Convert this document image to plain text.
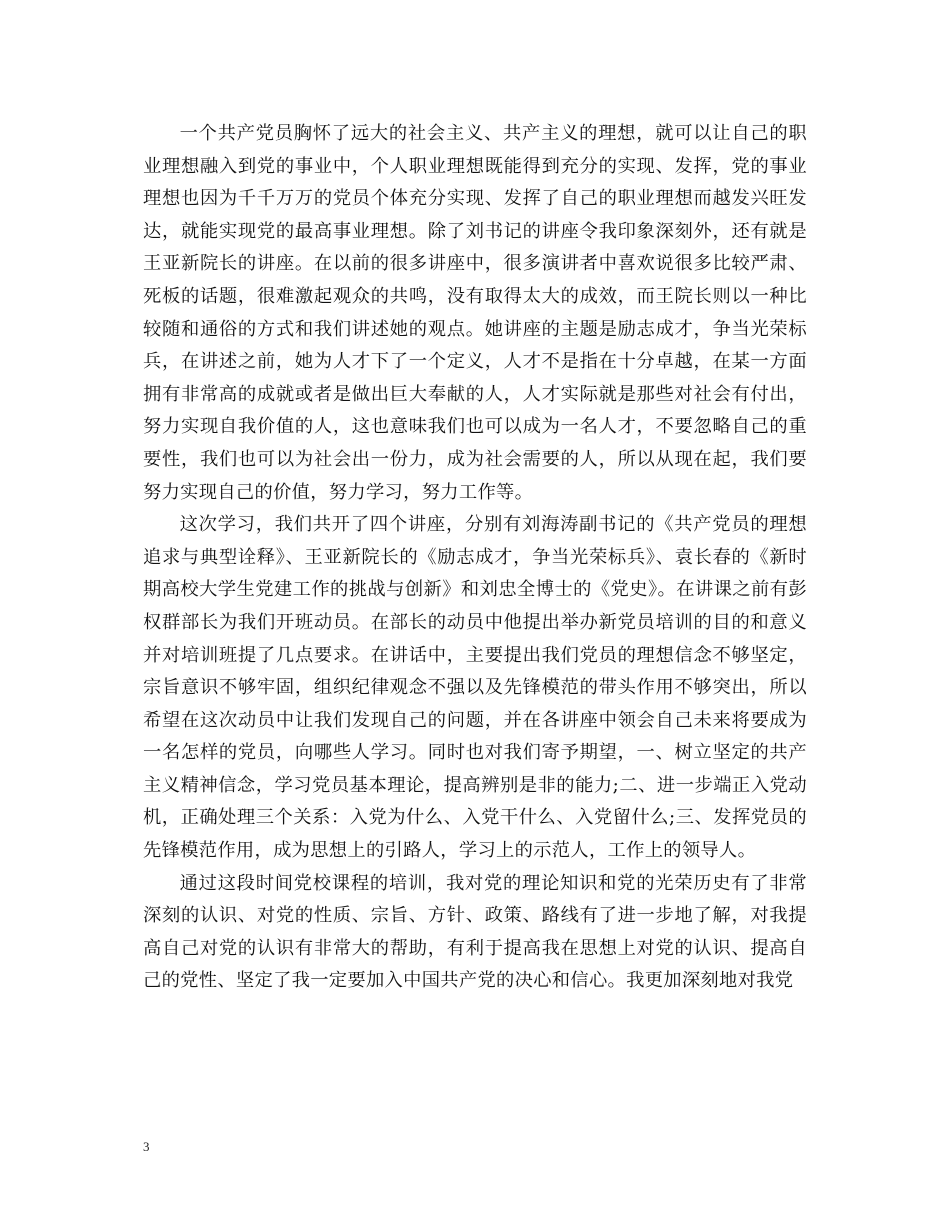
一个共产党员胸怀了远大的社会主义、共产主义的理想，就可以让自己的职业理想融入到党的事业中，个人职业理想既能得到充分的实现、发挥，党的事业理想也因为千千万万的党员个体充分实现、发挥了自己的职业理想而越发兴旺发达，就能实现党的最高事业理想。除了刘书记的讲座令我印象深刻外，还有就是王亚新院长的讲座。在以前的很多讲座中，很多演讲者中喜欢说很多比较严肃、死板的话题，很难激起观众的共鸣，没有取得太大的成效，而王院长则以一种比较随和通俗的方式和我们讲述她的观点。她讲座的主题是励志成才，争当光荣标兵，在讲述之前，她为人才下了一个定义，人才不是指在十分卓越，在某一方面拥有非常高的成就或者是做出巨大奉献的人，人才实际就是那些对社会有付出，努力实现自我价值的人，这也意味我们也可以成为一名人才，不要忽略自己的重要性，我们也可以为社会出一份力，成为社会需要的人，所以从现在起，我们要努力实现自己的价值，努力学习，努力工作等。

这次学习，我们共开了四个讲座，分别有刘海涛副书记的《共产党员的理想追求与典型诠释》、王亚新院长的《励志成才，争当光荣标兵》、袁长春的《新时期高校大学生党建工作的挑战与创新》和刘忠全博士的《党史》。在讲课之前有彭权群部长为我们开班动员。在部长的动员中他提出举办新党员培训的目的和意义并对培训班提了几点要求。在讲话中，主要提出我们党员的理想信念不够坚定，宗旨意识不够牢固，组织纪律观念不强以及先锋模范的带头作用不够突出，所以希望在这次动员中让我们发现自己的问题，并在各讲座中领会自己未来将要成为一名怎样的党员，向哪些人学习。同时也对我们寄予期望，一、树立坚定的共产主义精神信念，学习党员基本理论，提高辨别是非的能力;二、进一步端正入党动机，正确处理三个关系：入党为什么、入党干什么、入党留什么;三、发挥党员的先锋模范作用，成为思想上的引路人，学习上的示范人，工作上的领导人。

通过这段时间党校课程的培训，我对党的理论知识和党的光荣历史有了非常深刻的认识、对党的性质、宗旨、方针、政策、路线有了进一步地了解，对我提高自己对党的认识有非常大的帮助，有利于提高我在思想上对党的认识、提高自己的党性、坚定了我一定要加入中国共产党的决心和信心。我更加深刻地对我党

3
